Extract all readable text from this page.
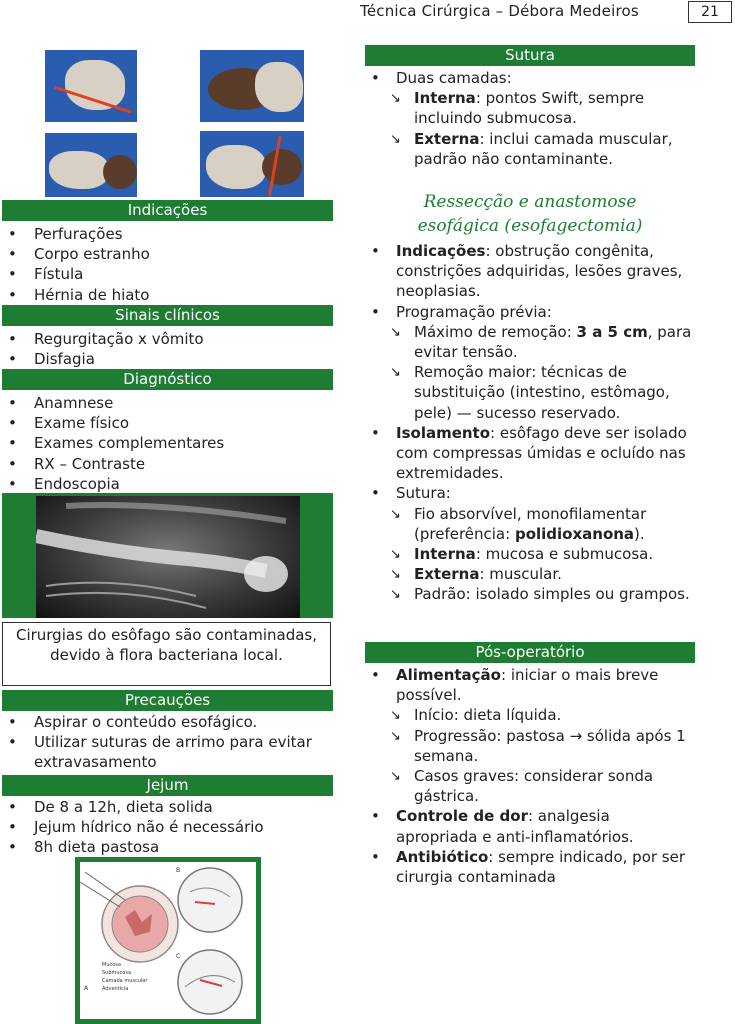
Técnica Cirúrgica – Débora Medeiros	21
Indicações
• Perfurações
• Corpo estranho
• Fístula
• Hérnia de hiato
Sinais clínicos
• Regurgitação x vômito
• Disfagia
Diagnóstico
• Anamnese
• Exame físico
• Exames complementares
• RX – Contraste
• Endoscopia
Cirurgias do esôfago são contaminadas, devido à flora bacteriana local.
Precauções
• Aspirar o conteúdo esofágico.
• Utilizar suturas de arrimo para evitar extravasamento
Jejum
• De 8 a 12h, dieta solida
• Jejum hídrico não é necessário
• 8h dieta pastosa
Mucosa
Submucosa
Camada muscular
Adventícia
A
B
C
Sutura
• Duas camadas:
↘ Interna: pontos Swift, sempre incluindo submucosa.
↘ Externa: inclui camada muscular, padrão não contaminante.
Ressecção e anastomose
esofágica (esofagectomia)
• Indicações: obstrução congênita, constrições adquiridas, lesões graves, neoplasias.
• Programação prévia:
↘ Máximo de remoção: 3 a 5 cm, para evitar tensão.
↘ Remoção maior: técnicas de substituição (intestino, estômago, pele) — sucesso reservado.
• Isolamento: esôfago deve ser isolado com compressas úmidas e ocluído nas extremidades.
• Sutura:
↘ Fio absorvível, monofilamentar (preferência: polidioxanona).
↘ Interna: mucosa e submucosa.
↘ Externa: muscular.
↘ Padrão: isolado simples ou grampos.
Pós-operatório
• Alimentação: iniciar o mais breve possível.
↘ Início: dieta líquida.
↘ Progressão: pastosa → sólida após 1 semana.
↘ Casos graves: considerar sonda gástrica.
• Controle de dor: analgesia apropriada e anti-inflamatórios.
• Antibiótico: sempre indicado, por ser cirurgia contaminada
